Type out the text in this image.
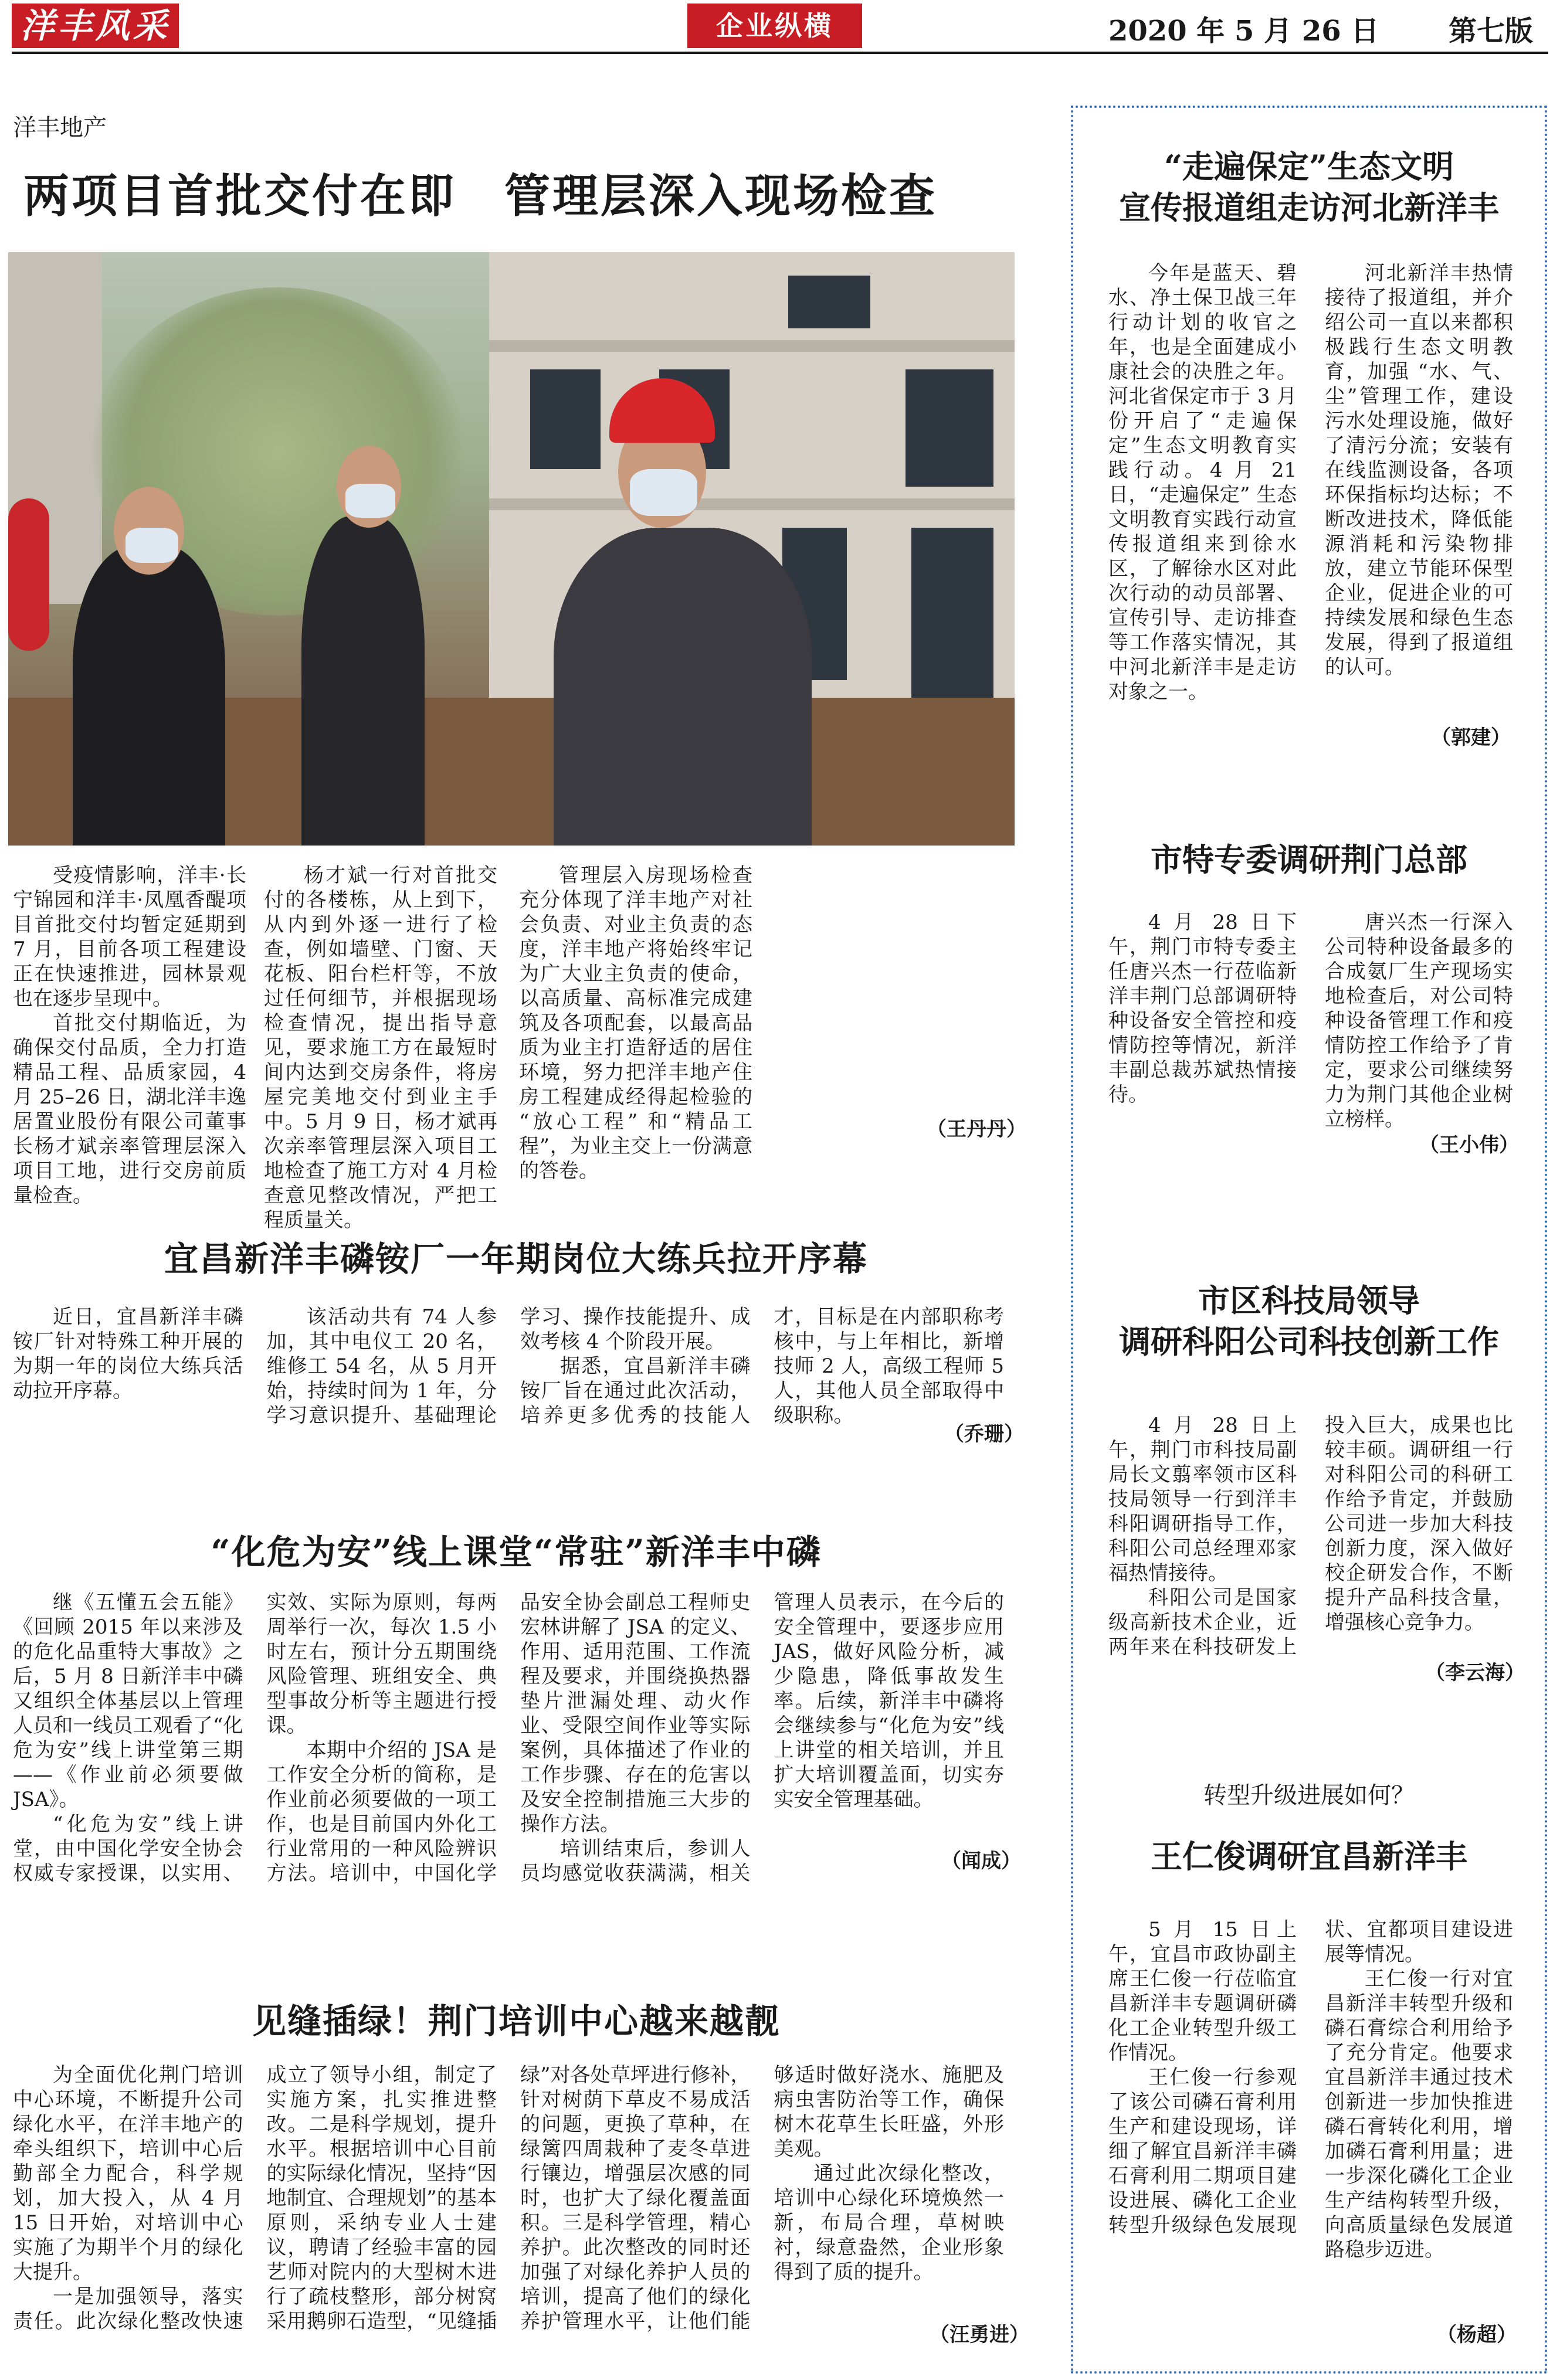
洋丰风采	企业纵横	2020 年 5 月 26 日 第七版
洋丰地产
两项目首批交付在即　管理层深入现场检查

受疫情影响，洋丰·长宁锦园和洋丰·凤凰香醍项目首批交付均暂定延期到 7 月，目前各项工程建设正在快速推进，园林景观也在逐步呈现中。

首批交付期临近，为确保交付品质，全力打造精品工程、品质家园，4 月 25–26 日，湖北洋丰逸居置业股份有限公司董事长杨才斌亲率管理层深入项目工地，进行交房前质量检查。

杨才斌一行对首批交付的各楼栋，从上到下，从内到外逐一进行了检查，例如墙壁、门窗、天花板、阳台栏杆等，不放过任何细节，并根据现场检查情况，提出指导意见，要求施工方在最短时间内达到交房条件，将房屋完美地交付到业主手中。5 月 9 日，杨才斌再次亲率管理层深入项目工地检查了施工方对 4 月检查意见整改情况，严把工程质量关。

管理层入房现场检查充分体现了洋丰地产对社会负责、对业主负责的态度，洋丰地产将始终牢记为广大业主负责的使命，以高质量、高标准完成建筑及各项配套，以最高品质为业主打造舒适的居住环境，努力把洋丰地产住房工程建成经得起检验的 “放心工程” 和“精品工程”，为业主交上一份满意的答卷。

（王丹丹）
宜昌新洋丰磷铵厂一年期岗位大练兵拉开序幕

近日，宜昌新洋丰磷铵厂针对特殊工种开展的为期一年的岗位大练兵活动拉开序幕。

该活动共有 74 人参加，其中电仪工 20 名，维修工 54 名，从 5 月开始，持续时间为 1 年，分学习意识提升、基础理论学习、操作技能提升、成效考核 4 个阶段开展。

据悉，宜昌新洋丰磷铵厂旨在通过此次活动，培养更多优秀的技能人才，目标是在内部职称考核中，与上年相比，新增技师 2 人，高级工程师 5 人，其他人员全部取得中级职称。

（乔珊）
“化危为安”线上课堂“常驻”新洋丰中磷

继《五懂五会五能》《回顾 2015 年以来涉及的危化品重特大事故》之后，5 月 8 日新洋丰中磷又组织全体基层以上管理人员和一线员工观看了“化危为安”线上讲堂第三期——《作业前必须要做 JSA》。

“化危为安”线上讲堂，由中国化学安全协会权威专家授课，以实用、实效、实际为原则，每两周举行一次，每次 1.5 小时左右，预计分五期围绕风险管理、班组安全、典型事故分析等主题进行授课。

本期中介绍的 JSA 是工作安全分析的简称，是作业前必须要做的一项工作，也是目前国内外化工行业常用的一种风险辨识方法。培训中，中国化学品安全协会副总工程师史宏林讲解了 JSA 的定义、作用、适用范围、工作流程及要求，并围绕换热器垫片泄漏处理、动火作业、受限空间作业等实际案例，具体描述了作业的工作步骤、存在的危害以及安全控制措施三大步的操作方法。

培训结束后，参训人员均感觉收获满满，相关管理人员表示，在今后的安全管理中，要逐步应用 JAS，做好风险分析，减少隐患，降低事故发生率。后续，新洋丰中磷将会继续参与“化危为安”线上讲堂的相关培训，并且扩大培训覆盖面，切实夯实安全管理基础。

（闻成）
见缝插绿！荆门培训中心越来越靓

为全面优化荆门培训中心环境，不断提升公司绿化水平，在洋丰地产的牵头组织下，培训中心后勤部全力配合，科学规划，加大投入，从 4 月 15 日开始，对培训中心实施了为期半个月的绿化大提升。

一是加强领导，落实责任。此次绿化整改快速成立了领导小组，制定了实施方案，扎实推进整改。二是科学规划，提升水平。根据培训中心目前的实际绿化情况，坚持“因地制宜、合理规划”的基本原则，采纳专业人士建议，聘请了经验丰富的园艺师对院内的大型树木进行了疏枝整形，部分树窝采用鹅卵石造型，“见缝插绿”对各处草坪进行修补，针对树荫下草皮不易成活的问题，更换了草种，在绿篱四周栽种了麦冬草进行镶边，增强层次感的同时，也扩大了绿化覆盖面积。三是科学管理，精心养护。此次整改的同时还加强了对绿化养护人员的培训，提高了他们的绿化养护管理水平，让他们能够适时做好浇水、施肥及病虫害防治等工作，确保树木花草生长旺盛，外形美观。

通过此次绿化整改，培训中心绿化环境焕然一新，布局合理，草树映衬，绿意盎然，企业形象得到了质的提升。

（汪勇进）
“走遍保定”生态文明
宣传报道组走访河北新洋丰

今年是蓝天、碧水、净土保卫战三年行动计划的收官之年，也是全面建成小康社会的决胜之年。河北省保定市于 3 月份开启了“走遍保定”生态文明教育实践行动。4 月 21 日，“走遍保定” 生态文明教育实践行动宣传报道组来到徐水区，了解徐水区对此次行动的动员部署、宣传引导、走访排查等工作落实情况，其中河北新洋丰是走访对象之一。

河北新洋丰热情接待了报道组，并介绍公司一直以来都积极践行生态文明教育，加强 “水、气、尘”管理工作，建设污水处理设施，做好了清污分流；安装有在线监测设备，各项环保指标均达标；不断改进技术，降低能源消耗和污染物排放，建立节能环保型企业，促进企业的可持续发展和绿色生态发展，得到了报道组的认可。

（郭建）
市特专委调研荆门总部

4 月 28 日下午，荆门市特专委主任唐兴杰一行莅临新洋丰荆门总部调研特种设备安全管控和疫情防控等情况，新洋丰副总裁苏斌热情接待。

唐兴杰一行深入公司特种设备最多的合成氨厂生产现场实地检查后，对公司特种设备管理工作和疫情防控工作给予了肯定，要求公司继续努力为荆门其他企业树立榜样。

（王小伟）
市区科技局领导
调研科阳公司科技创新工作

4 月 28 日上午，荆门市科技局副局长文翦率领市区科技局领导一行到洋丰科阳调研指导工作，科阳公司总经理邓家福热情接待。

科阳公司是国家级高新技术企业，近两年来在科技研发上投入巨大，成果也比较丰硕。调研组一行对科阳公司的科研工作给予肯定，并鼓励公司进一步加大科技创新力度，深入做好校企研发合作，不断提升产品科技含量，增强核心竞争力。

（李云海）
转型升级进展如何？
王仁俊调研宜昌新洋丰

5 月 15 日上午，宜昌市政协副主席王仁俊一行莅临宜昌新洋丰专题调研磷化工企业转型升级工作情况。

王仁俊一行参观了该公司磷石膏利用生产和建设现场，详细了解宜昌新洋丰磷石膏利用二期项目建设进展、磷化工企业转型升级绿色发展现状、宜都项目建设进展等情况。

王仁俊一行对宜昌新洋丰转型升级和磷石膏综合利用给予了充分肯定。他要求宜昌新洋丰通过技术创新进一步加快推进磷石膏转化利用，增加磷石膏利用量；进一步深化磷化工企业生产结构转型升级，向高质量绿色发展道路稳步迈进。

（杨超）
